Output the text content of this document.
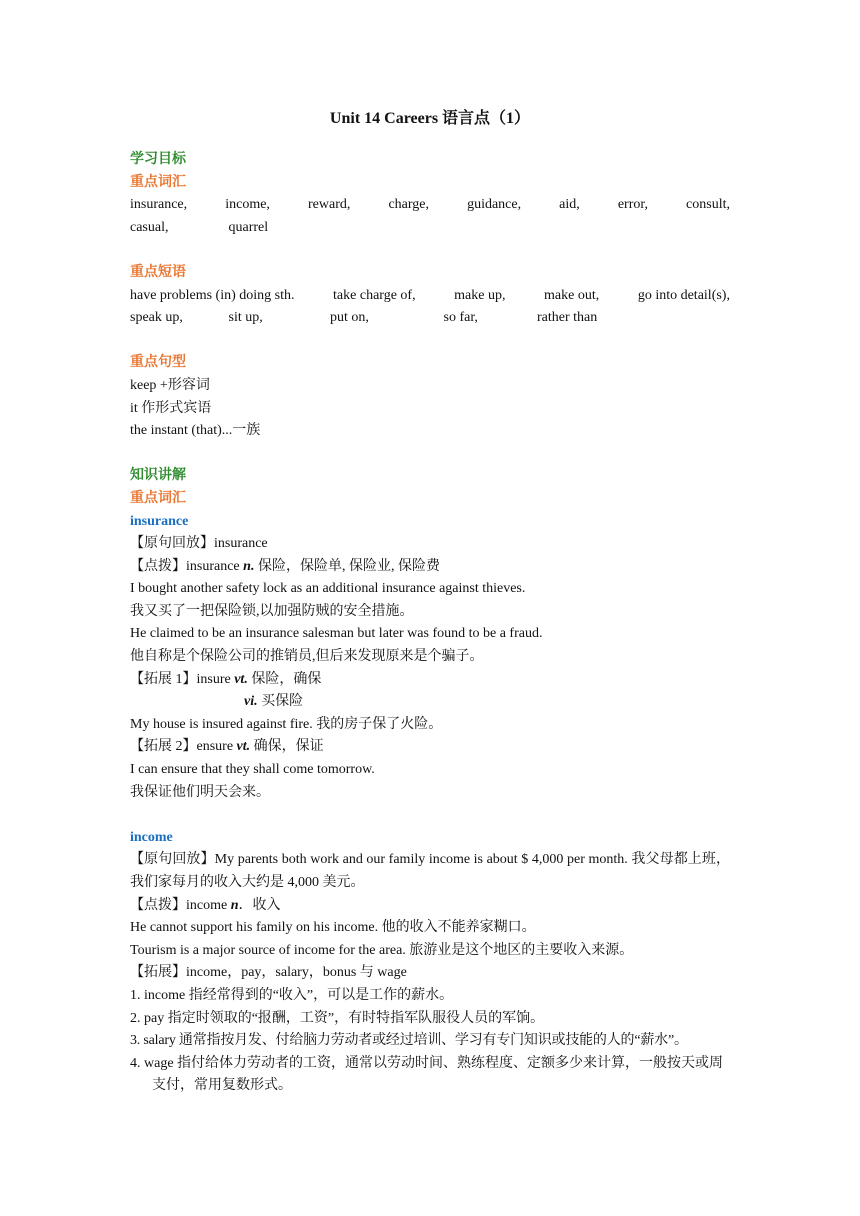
Unit 14 Careers 语言点（1）
学习目标
重点词汇
insurance,	income,	reward,	charge,	guidance,	aid,	error,	consult,
casual,	quarrel
重点短语
have problems (in) doing sth.	take charge of,	make up,	make out,	go into detail(s),
speak up,	sit up,	put on,	so far,	rather than
重点句型
keep +形容词
it 作形式宾语
the instant (that)...一族
知识讲解
重点词汇
insurance
【原句回放】insurance
【点拨】insurance n. 保险，保险单, 保险业, 保险费
I bought another safety lock as an additional insurance against thieves.
我又买了一把保险锁,以加强防贼的安全措施。
He claimed to be an insurance salesman but later was found to be a fraud.
他自称是个保险公司的推销员,但后来发现原来是个骗子。
【拓展 1】insure vt. 保险，确保
vi. 买保险
My house is insured against fire. 我的房子保了火险。
【拓展 2】ensure vt. 确保，保证
I can ensure that they shall come tomorrow.
我保证他们明天会来。
income
【原句回放】My parents both work and our family income is about $ 4,000 per month. 我父母都上班，我们家每月的收入大约是 4,000 美元。
【点拨】income n．收入
He cannot support his family on his income. 他的收入不能养家糊口。
Tourism is a major source of income for the area. 旅游业是这个地区的主要收入来源。
【拓展】income，pay，salary，bonus 与 wage
1. income 指经常得到的“收入”，可以是工作的薪水。
2. pay 指定时领取的“报酬，工资”，有时特指军队服役人员的军饷。
3. salary 通常指按月发、付给脑力劳动者或经过培训、学习有专门知识或技能的人的“薪水”。
4. wage 指付给体力劳动者的工资，通常以劳动时间、熟练程度、定额多少来计算，一般按天或周支付，常用复数形式。
